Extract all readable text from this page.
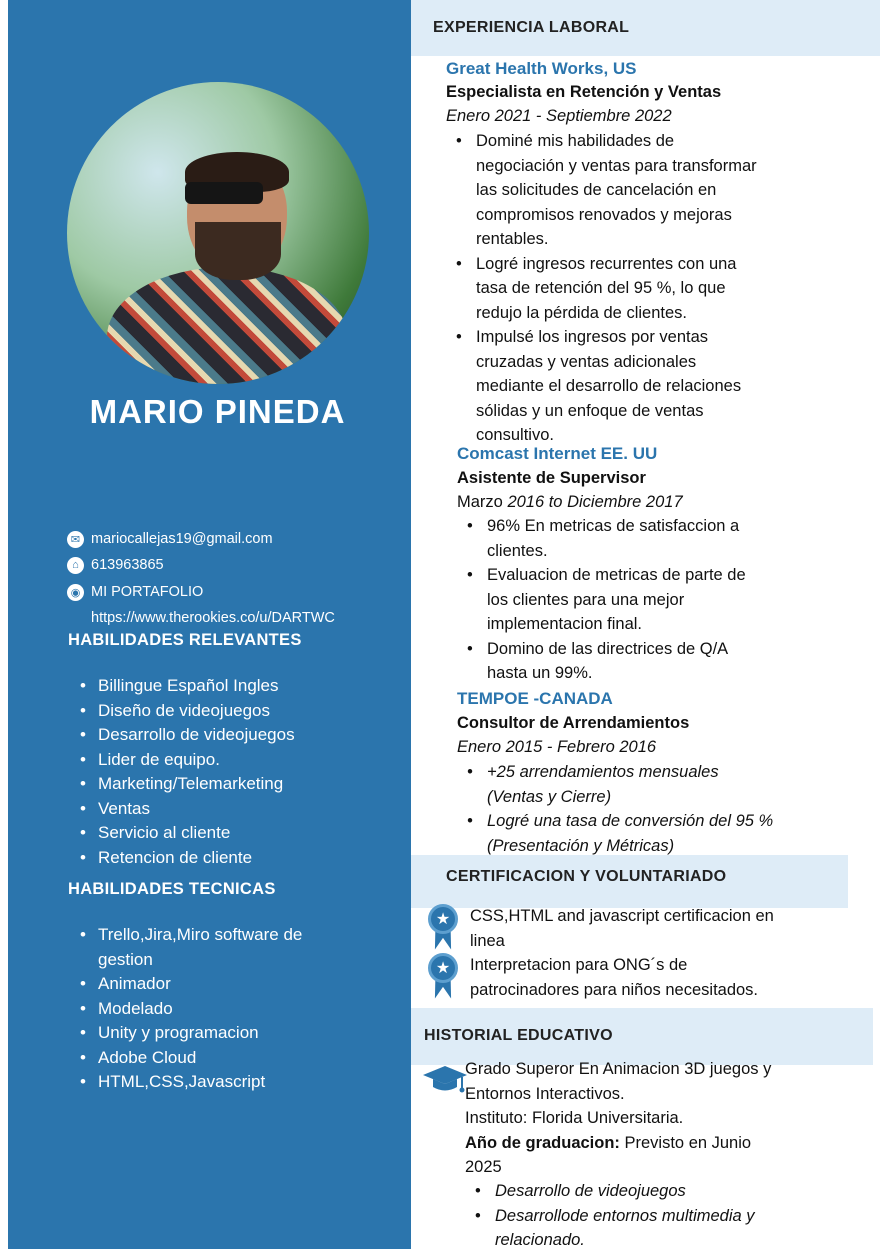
MARIO PINEDA
✉ mariocallejas19@gmail.com
⌂ 613963865
◉ MI PORTAFOLIO
https://www.therookies.co/u/DARTWC
HABILIDADES RELEVANTES
• Billingue Español Ingles
• Diseño de videojuegos
• Desarrollo de videojuegos
• Lider de equipo.
• Marketing/Telemarketing
• Ventas
• Servicio al cliente
• Retencion de cliente
HABILIDADES TECNICAS
• Trello,Jira,Miro software de gestion
• Animador
• Modelado
• Unity y programacion
• Adobe Cloud
• HTML,CSS,Javascript
EXPERIENCIA LABORAL
Great Health Works, US
Especialista en Retención y Ventas
Enero 2021 - Septiembre 2022
• Dominé mis habilidades de negociación y ventas para transformar las solicitudes de cancelación en compromisos renovados y mejoras rentables.
• Logré ingresos recurrentes con una tasa de retención del 95 %, lo que redujo la pérdida de clientes.
• Impulsé los ingresos por ventas cruzadas y ventas adicionales mediante el desarrollo de relaciones sólidas y un enfoque de ventas consultivo.
Comcast Internet EE. UU
Asistente de Supervisor
Marzo 2016 to Diciembre 2017
• 96% En metricas de satisfaccion a clientes.
• Evaluacion de metricas de parte de los clientes para una mejor implementacion final.
• Domino de las directrices de Q/A hasta un 99%.
TEMPOE -CANADA
Consultor de Arrendamientos
Enero 2015 - Febrero 2016
• +25 arrendamientos mensuales (Ventas y Cierre)
• Logré una tasa de conversión del 95 % (Presentación y Métricas)
CERTIFICACION Y VOLUNTARIADO
★	CSS,HTML and javascript certificacion en linea
★	Interpretacion para ONG´s de patrocinadores para niños necesitados.
HISTORIAL EDUCATIVO
Grado Superor En Animacion 3D juegos y Entornos Interactivos.
Instituto: Florida Universitaria.
Año de graduacion: Previsto en Junio 2025
• Desarrollo de videojuegos
• Desarrollode entornos multimedia y relacionado.
